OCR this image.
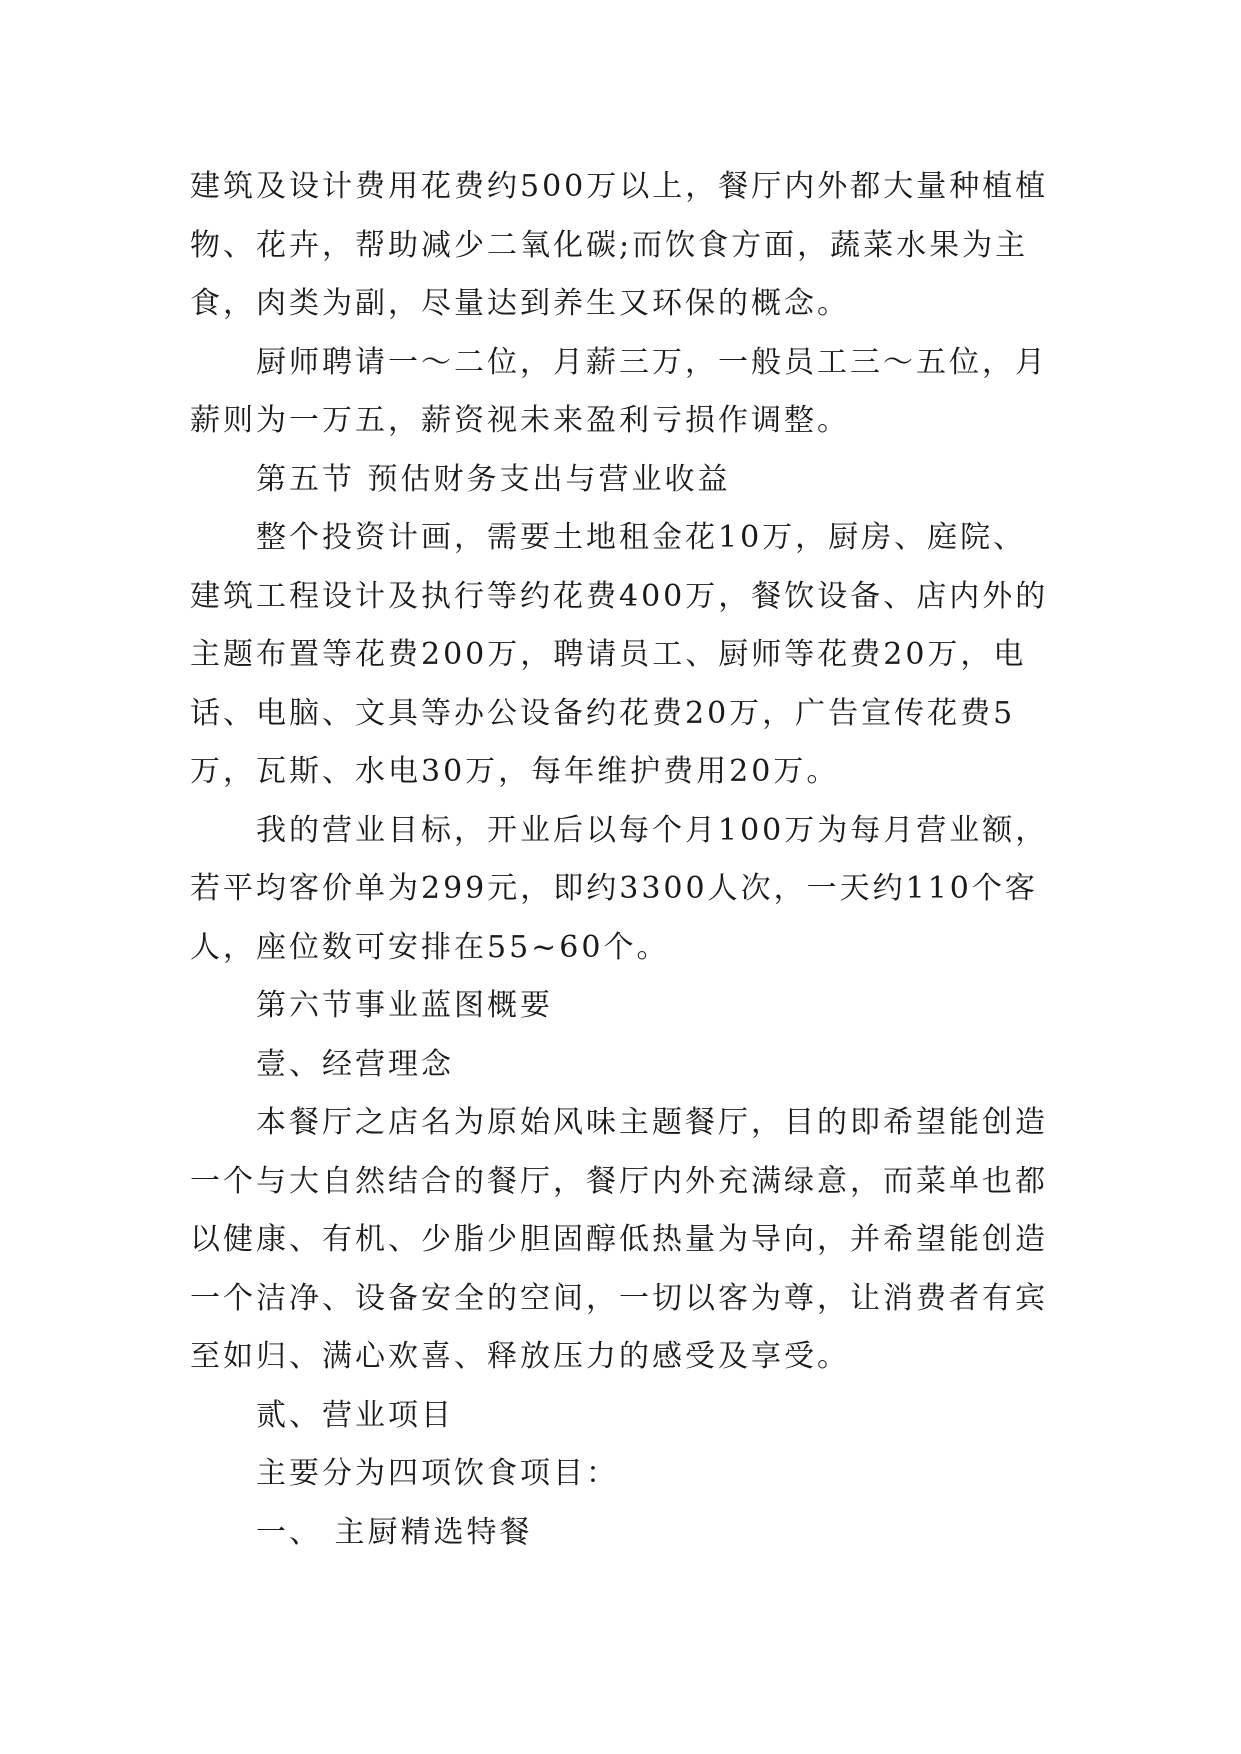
建筑及设计费用花费约500万以上，餐厅内外都大量种植植
物、花卉，帮助减少二氧化碳;而饮食方面，蔬菜水果为主
食，肉类为副，尽量达到养生又环保的概念。
厨师聘请一～二位，月薪三万，一般员工三～五位，月
薪则为一万五，薪资视未来盈利亏损作调整。
第五节 预估财务支出与营业收益
整个投资计画，需要土地租金花10万，厨房、庭院、
建筑工程设计及执行等约花费400万，餐饮设备、店内外的
主题布置等花费200万，聘请员工、厨师等花费20万，电
话、电脑、文具等办公设备约花费20万，广告宣传花费5
万，瓦斯、水电30万，每年维护费用20万。
我的营业目标，开业后以每个月100万为每月营业额，
若平均客价单为299元，即约3300人次，一天约110个客
人，座位数可安排在55~60个。
第六节事业蓝图概要
壹、经营理念
本餐厅之店名为原始风味主题餐厅，目的即希望能创造
一个与大自然结合的餐厅，餐厅内外充满绿意，而菜单也都
以健康、有机、少脂少胆固醇低热量为导向，并希望能创造
一个洁净、设备安全的空间，一切以客为尊，让消费者有宾
至如归、满心欢喜、释放压力的感受及享受。
贰、营业项目
主要分为四项饮食项目：
一、 主厨精选特餐
